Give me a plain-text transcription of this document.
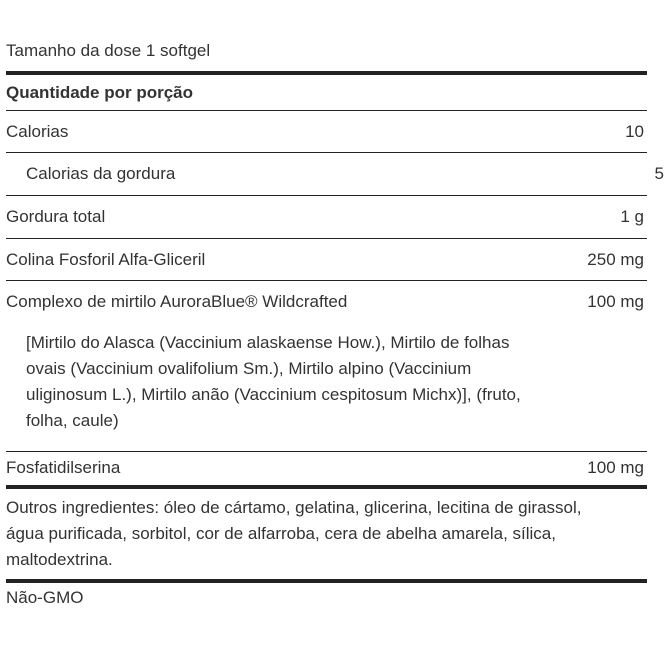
Tamanho da dose 1 softgel
Quantidade por porção
Calorias	10
Calorias da gordura	5
Gordura total	1 g
Colina Fosforil Alfa-Gliceril	250 mg
Complexo de mirtilo AuroraBlue® Wildcrafted	100 mg
[Mirtilo do Alasca (Vaccinium alaskaense How.), Mirtilo de folhas ovais (Vaccinium ovalifolium Sm.), Mirtilo alpino (Vaccinium uliginosum L.), Mirtilo anão (Vaccinium cespitosum Michx)], (fruto, folha, caule)
Fosfatidilserina	100 mg
Outros ingredientes: óleo de cártamo, gelatina, glicerina, lecitina de girassol, água purificada, sorbitol, cor de alfarroba, cera de abelha amarela, sílica, maltodextrina.
Não-GMO
